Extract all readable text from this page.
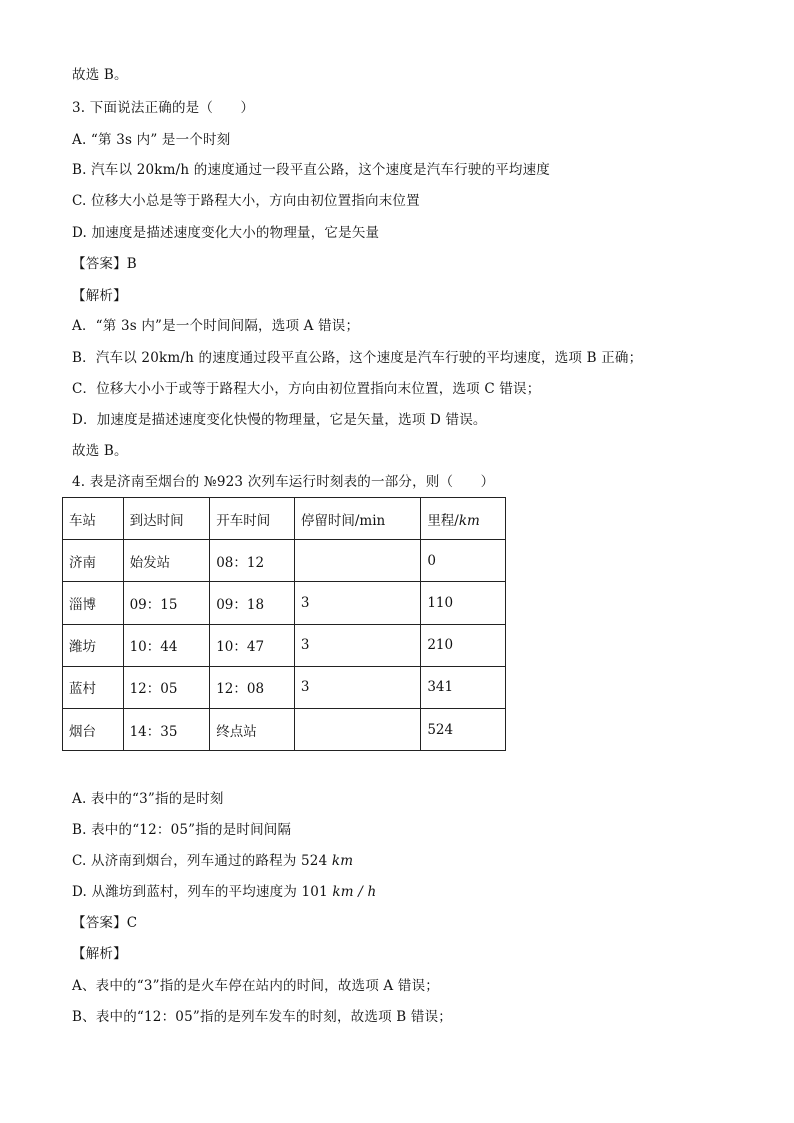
故选 B。
3. 下面说法正确的是（　　）
A. “第 3s 内” 是一个时刻
B. 汽车以 20km/h 的速度通过一段平直公路，这个速度是汽车行驶的平均速度
C. 位移大小总是等于路程大小，方向由初位置指向末位置
D. 加速度是描述速度变化大小的物理量，它是矢量
【答案】B
【解析】
A．“第 3s 内”是一个时间间隔，选项 A 错误；
B．汽车以 20km/h 的速度通过段平直公路，这个速度是汽车行驶的平均速度，选项 B 正确；
C．位移大小小于或等于路程大小，方向由初位置指向末位置，选项 C 错误；
D．加速度是描述速度变化快慢的物理量，它是矢量，选项 D 错误。
故选 B。
4. 表是济南至烟台的 №923 次列车运行时刻表的一部分，则（　　）
车站	到达时间	开车时间	停留时间/min	里程/km
济南	始发站	08：12		0
淄博	09：15	09：18	3	110
潍坊	10：44	10：47	3	210
蓝村	12：05	12：08	3	341
烟台	14：35	终点站		524
A. 表中的“3”指的是时刻
B. 表中的“12：05”指的是时间间隔
C. 从济南到烟台，列车通过的路程为 524 km
D. 从潍坊到蓝村，列车的平均速度为 101 km / h
【答案】C
【解析】
A、表中的“3”指的是火车停在站内的时间，故选项 A 错误；
B、表中的“12：05”指的是列车发车的时刻，故选项 B 错误；
